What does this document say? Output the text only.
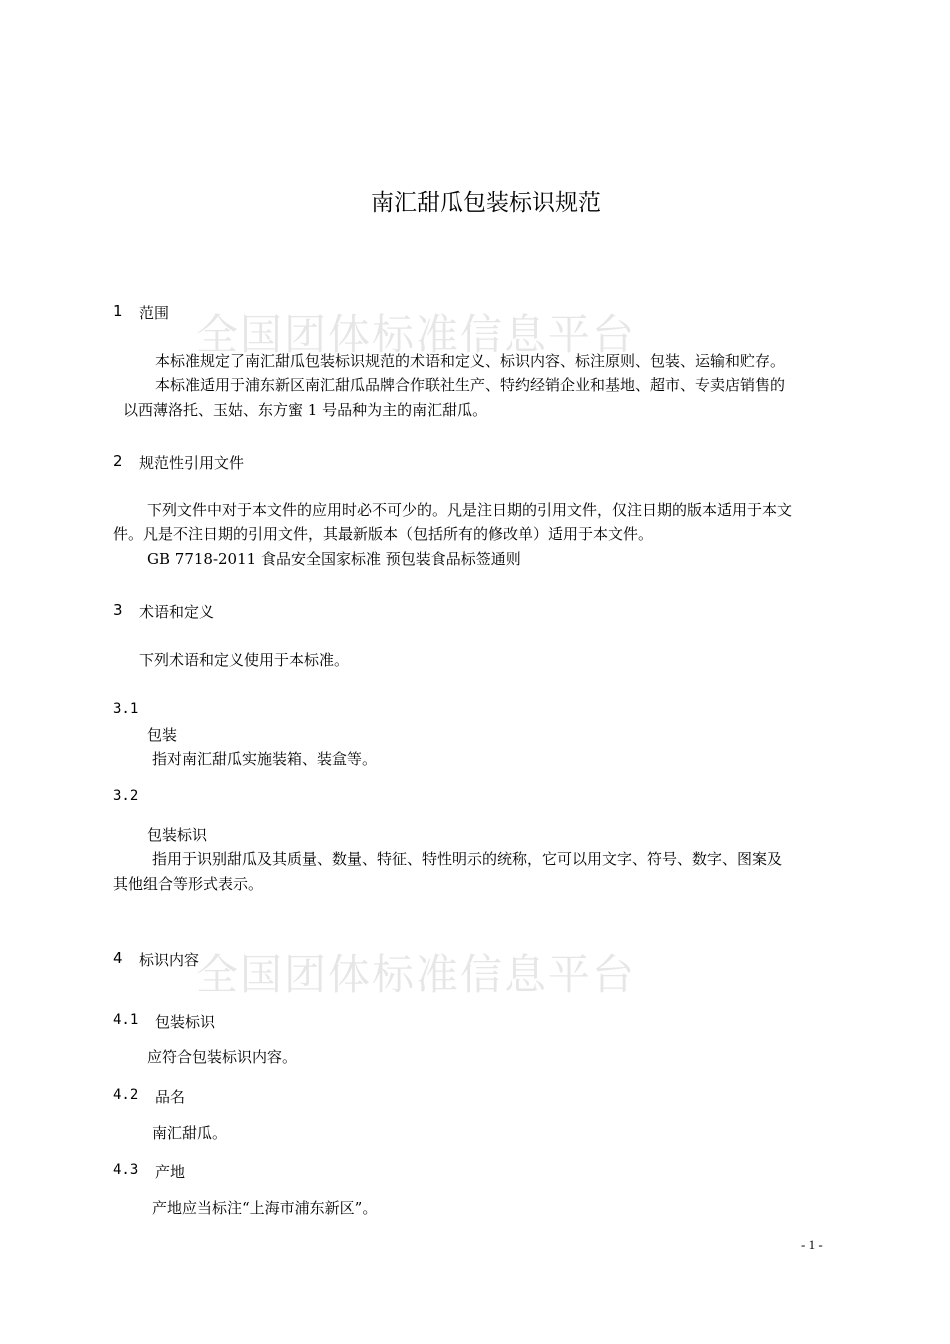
全国团体标准信息平台
全国团体标准信息平台
南汇甜瓜包装标识规范
1 范围
本标准规定了南汇甜瓜包装标识规范的术语和定义、标识内容、标注原则、包装、运输和贮存。
本标准适用于浦东新区南汇甜瓜品牌合作联社生产、特约经销企业和基地、超市、专卖店销售的
以西薄洛托、玉姑、东方蜜 1 号品种为主的南汇甜瓜。
2 规范性引用文件
下列文件中对于本文件的应用时必不可少的。凡是注日期的引用文件，仅注日期的版本适用于本文
件。凡是不注日期的引用文件，其最新版本（包括所有的修改单）适用于本文件。
GB 7718-2011 食品安全国家标准 预包装食品标签通则
3 术语和定义
下列术语和定义使用于本标准。
3.1
包装
指对南汇甜瓜实施装箱、装盒等。
3.2
包装标识
指用于识别甜瓜及其质量、数量、特征、特性明示的统称，它可以用文字、符号、数字、图案及
其他组合等形式表示。
4 标识内容
4.1 包装标识
应符合包装标识内容。
4.2 品名
南汇甜瓜。
4.3 产地
产地应当标注“上海市浦东新区”。
- 1 -
